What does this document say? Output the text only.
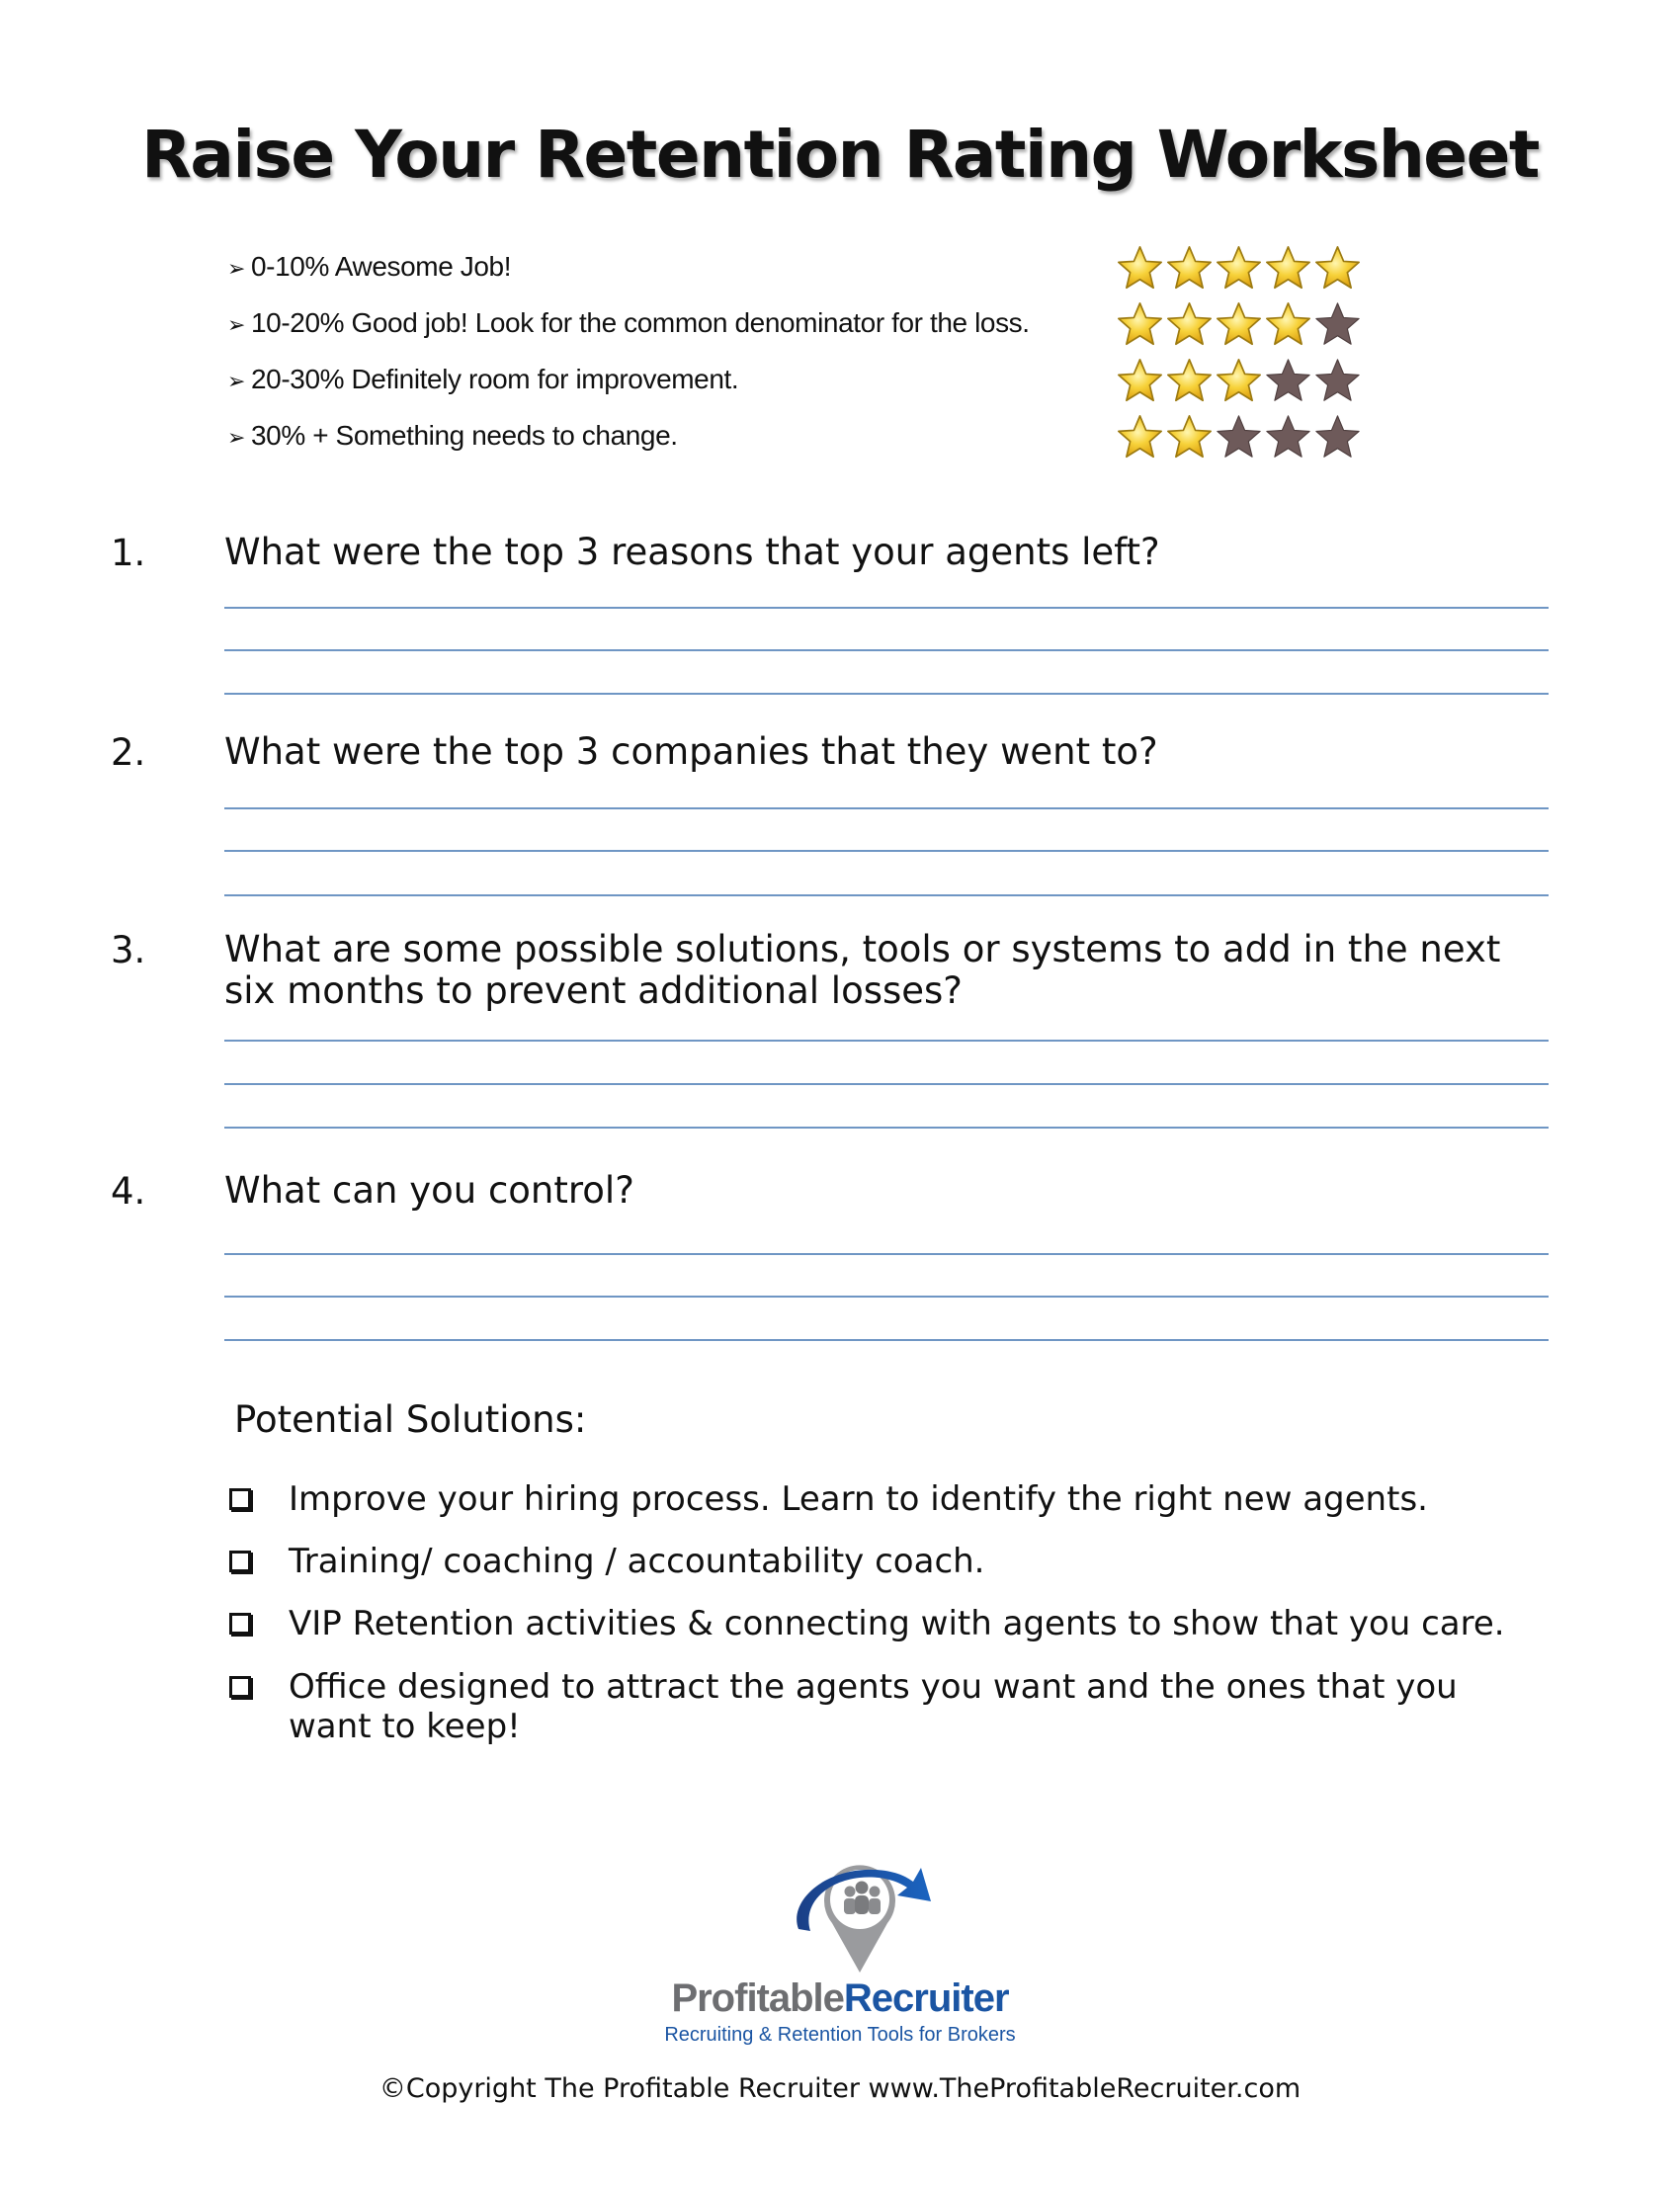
Raise Your Retention Rating Worksheet
➢ 0-10% Awesome Job!
➢ 10-20% Good job! Look for the common denominator for the loss.
➢ 20-30% Definitely room for improvement.
➢ 30% + Something needs to change.
1. What were the top 3 reasons that your agents left?
2. What were the top 3 companies that they went to?
3. What are some possible solutions, tools or systems to add in the next six months to prevent additional losses?
4. What can you control?
Potential Solutions:
Improve your hiring process. Learn to identify the right new agents.
Training/ coaching / accountability coach.
VIP Retention activities & connecting with agents to show that you care.
Office designed to attract the agents you want and the ones that you want to keep!
ProfitableRecruiter
Recruiting & Retention Tools for Brokers
©Copyright The Profitable Recruiter www.TheProfitableRecruiter.com
